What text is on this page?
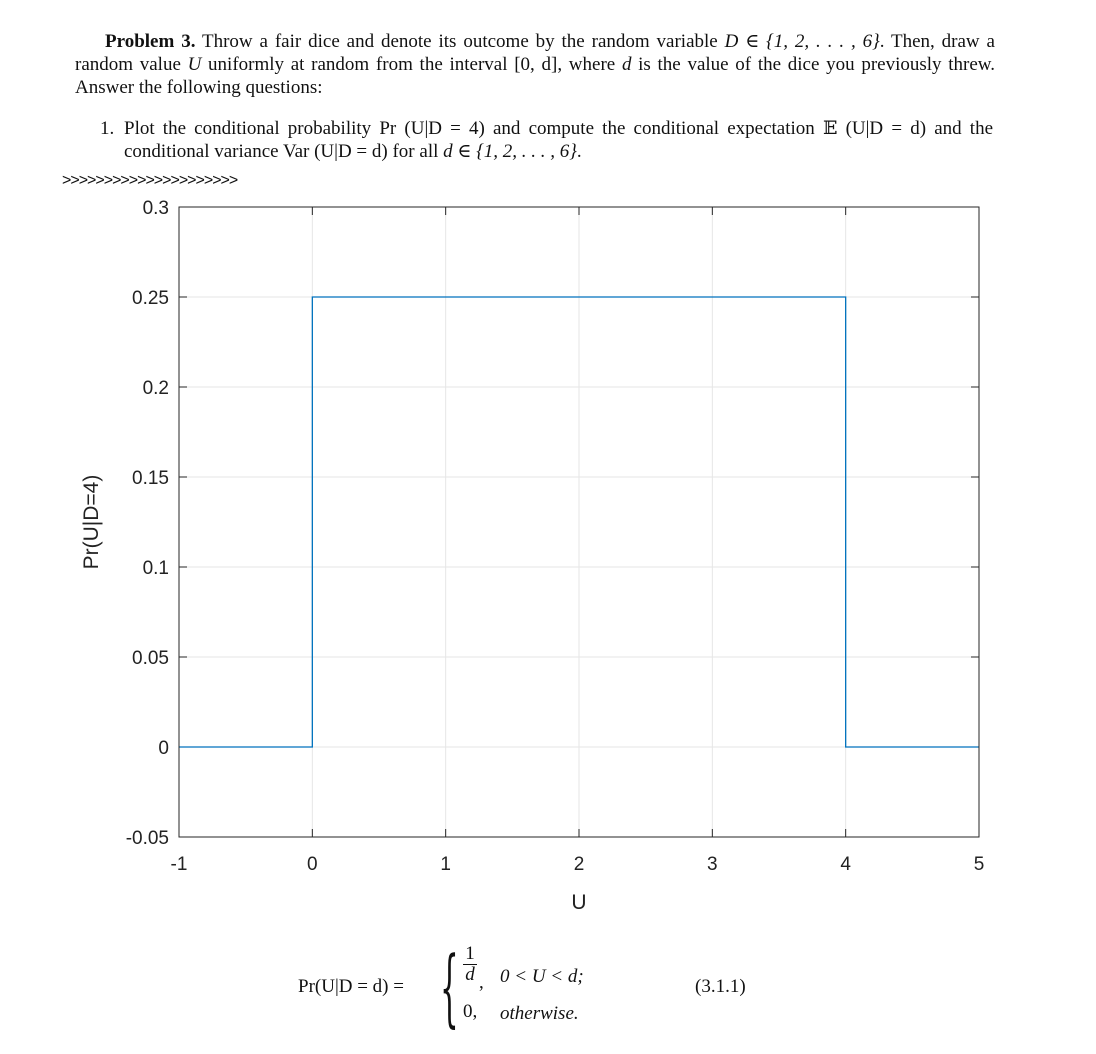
Problem 3. Throw a fair dice and denote its outcome by the random variable D ∈ {1, 2, . . . , 6}. Then, draw a random value U uniformly at random from the interval [0, d], where d is the value of the dice you previously threw. Answer the following questions:
1. Plot the conditional probability Pr (U|D = 4) and compute the conditional expectation 𝔼 (U|D = d) and the conditional variance Var (U|D = d) for all d ∈ {1, 2, . . . , 6}.
>>>>>>>>>>>>>>>>>>>>>
-1	0	1	2	3	4	5
0.3
0.25
0.2
0.15
0.1
0.05
0
-0.05
U
Pr(U|D=4)
Pr(U|D = d) = { 1
d , 0 < U < d;
0, otherwise.
(3.1.1)
